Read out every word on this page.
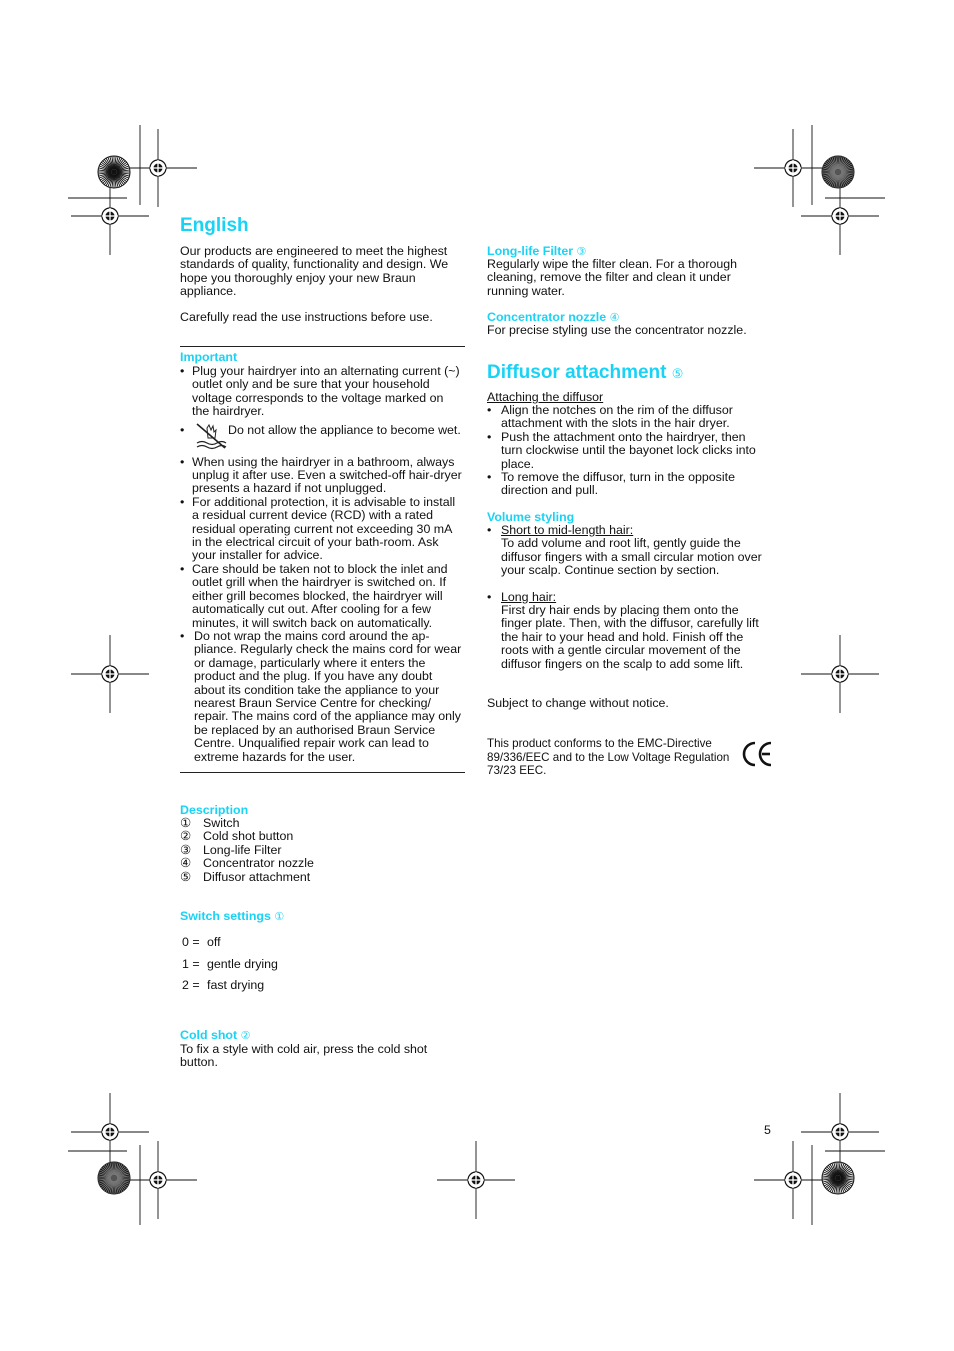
English
Our products are engineered to meet the highest standards of quality, functionality and design. We hope you thoroughly enjoy your new Braun appliance.
Carefully read the use instructions before use.
Important
• Plug your hairdryer into an alternating current (~) outlet only and be sure that your household voltage corresponds to the voltage marked on the hairdryer.
• Do not allow the appliance to become wet.
• When using the hairdryer in a bathroom, always unplug it after use. Even a switched-off hair-dryer presents a hazard if not unplugged.
• For additional protection, it is advisable to install a residual current device (RCD) with a rated residual operating current not exceeding 30 mA in the electrical circuit of your bath-room. Ask your installer for advice.
• Care should be taken not to block the inlet and outlet grill when the hairdryer is switched on. If either grill becomes blocked, the hairdryer will automatically cut out. After cooling for a few minutes, it will switch back on automatically.
• Do not wrap the mains cord around the ap-pliance. Regularly check the mains cord for wear or damage, particularly where it enters the product and the plug. If you have any doubt about its condition take the appliance to your nearest Braun Service Centre for checking/ repair. The mains cord of the appliance may only be replaced by an authorised Braun Service Centre. Unqualified repair work can lead to extreme hazards for the user.
Description
① Switch
② Cold shot button
③ Long-life Filter
④ Concentrator nozzle
⑤ Diffusor attachment
Switch settings ①
0 = off
1 = gentle drying
2 = fast drying
Cold shot ②
To fix a style with cold air, press the cold shot button.
Long-life Filter ③
Regularly wipe the filter clean. For a thorough cleaning, remove the filter and clean it under running water.
Concentrator nozzle ④
For precise styling use the concentrator nozzle.
Diffusor attachment ⑤
Attaching the diffusor
• Align the notches on the rim of the diffusor attachment with the slots in the hair dryer.
• Push the attachment onto the hairdryer, then turn clockwise until the bayonet lock clicks into place.
• To remove the diffusor, turn in the opposite direction and pull.
Volume styling
• Short to mid-length hair:
To add volume and root lift, gently guide the diffusor fingers with a small circular motion over your scalp. Continue section by section.
• Long hair:
First dry hair ends by placing them onto the finger plate. Then, with the diffusor, carefully lift the hair to your head and hold. Finish off the roots with a gentle circular movement of the diffusor fingers on the scalp to add some lift.
Subject to change without notice.
This product conforms to the EMC-Directive 89/336/EEC and to the Low Voltage Regulation 73/23 EEC.
5
